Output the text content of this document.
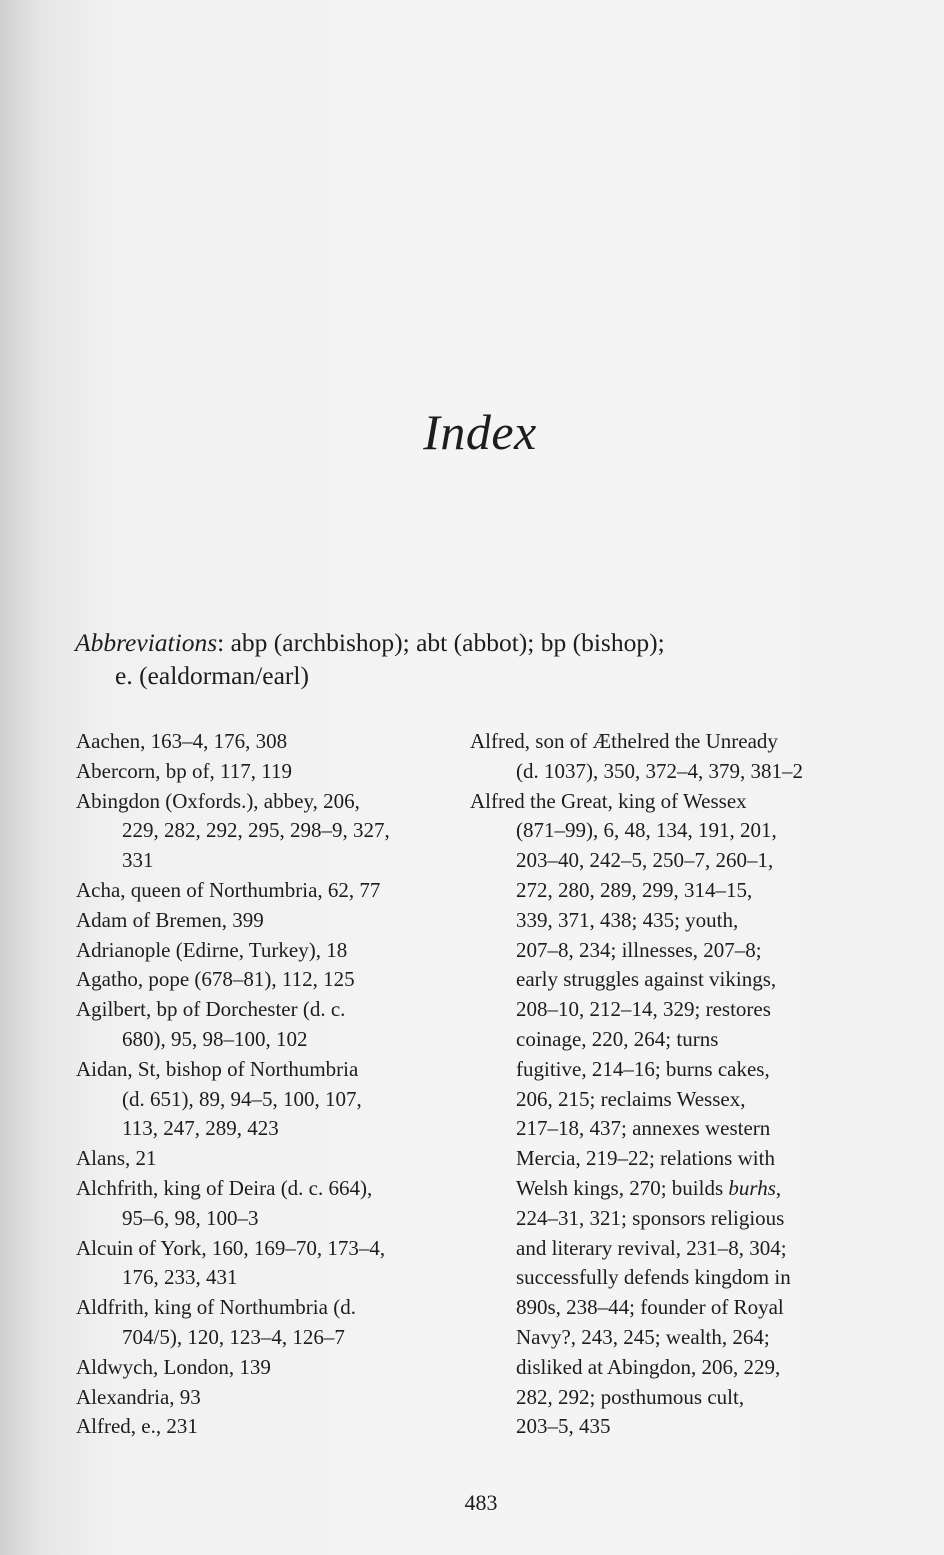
Index
Abbreviations: abp (archbishop); abt (abbot); bp (bishop);
e. (ealdorman/earl)
Aachen, 163–4, 176, 308
Abercorn, bp of, 117, 119
Abingdon (Oxfords.), abbey, 206,
229, 282, 292, 295, 298–9, 327,
331
Acha, queen of Northumbria, 62, 77
Adam of Bremen, 399
Adrianople (Edirne, Turkey), 18
Agatho, pope (678–81), 112, 125
Agilbert, bp of Dorchester (d. c.
680), 95, 98–100, 102
Aidan, St, bishop of Northumbria
(d. 651), 89, 94–5, 100, 107,
113, 247, 289, 423
Alans, 21
Alchfrith, king of Deira (d. c. 664),
95–6, 98, 100–3
Alcuin of York, 160, 169–70, 173–4,
176, 233, 431
Aldfrith, king of Northumbria (d.
704/5), 120, 123–4, 126–7
Aldwych, London, 139
Alexandria, 93
Alfred, e., 231
Alfred, son of Æthelred the Unready
(d. 1037), 350, 372–4, 379, 381–2
Alfred the Great, king of Wessex
(871–99), 6, 48, 134, 191, 201,
203–40, 242–5, 250–7, 260–1,
272, 280, 289, 299, 314–15,
339, 371, 438; 435; youth,
207–8, 234; illnesses, 207–8;
early struggles against vikings,
208–10, 212–14, 329; restores
coinage, 220, 264; turns
fugitive, 214–16; burns cakes,
206, 215; reclaims Wessex,
217–18, 437; annexes western
Mercia, 219–22; relations with
Welsh kings, 270; builds burhs,
224–31, 321; sponsors religious
and literary revival, 231–8, 304;
successfully defends kingdom in
890s, 238–44; founder of Royal
Navy?, 243, 245; wealth, 264;
disliked at Abingdon, 206, 229,
282, 292; posthumous cult,
203–5, 435
483
